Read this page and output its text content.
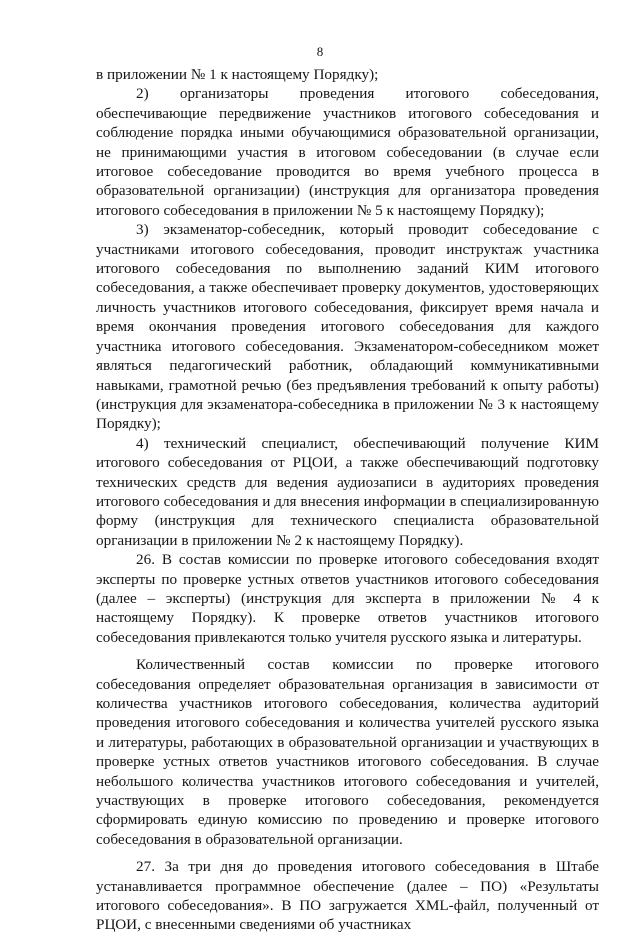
8

в приложении № 1 к настоящему Порядку);

2) организаторы проведения итогового собеседования, обеспечивающие передвижение участников итогового собеседования и соблюдение порядка иными обучающимися образовательной организации, не принимающими участия в итоговом собеседовании (в случае если итоговое собеседование проводится во время учебного процесса в образовательной организации) (инструкция для организатора проведения итогового собеседования в приложении № 5 к настоящему Порядку);

3) экзаменатор-собеседник, который проводит собеседование с участниками итогового собеседования, проводит инструктаж участника итогового собеседования по выполнению заданий КИМ итогового собеседования, а также обеспечивает проверку документов, удостоверяющих личность участников итогового собеседования, фиксирует время начала и время окончания проведения итогового собеседования для каждого участника итогового собеседования. Экзаменатором-собеседником может являться педагогический работник, обладающий коммуникативными навыками, грамотной речью (без предъявления требований к опыту работы) (инструкция для экзаменатора-собеседника в приложении № 3 к настоящему Порядку);

4) технический специалист, обеспечивающий получение КИМ итогового собеседования от РЦОИ, а также обеспечивающий подготовку технических средств для ведения аудиозаписи в аудиториях проведения итогового собеседования и для внесения информации в специализированную форму (инструкция для технического специалиста образовательной организации в приложении № 2 к настоящему Порядку).

26. В состав комиссии по проверке итогового собеседования входят эксперты по проверке устных ответов участников итогового собеседования (далее – эксперты) (инструкция для эксперта в приложении № 4 к настоящему Порядку). К проверке ответов участников итогового собеседования привлекаются только учителя русского языка и литературы.

Количественный состав комиссии по проверке итогового собеседования определяет образовательная организация в зависимости от количества участников итогового собеседования, количества аудиторий проведения итогового собеседования и количества учителей русского языка и литературы, работающих в образовательной организации и участвующих в проверке устных ответов участников итогового собеседования. В случае небольшого количества участников итогового собеседования и учителей, участвующих в проверке итогового собеседования, рекомендуется сформировать единую комиссию по проведению и проверке итогового собеседования в образовательной организации.

27. За три дня до проведения итогового собеседования в Штабе устанавливается программное обеспечение (далее – ПО) «Результаты итогового собеседования». В ПО загружается XML-файл, полученный от РЦОИ, с внесенными сведениями об участниках
